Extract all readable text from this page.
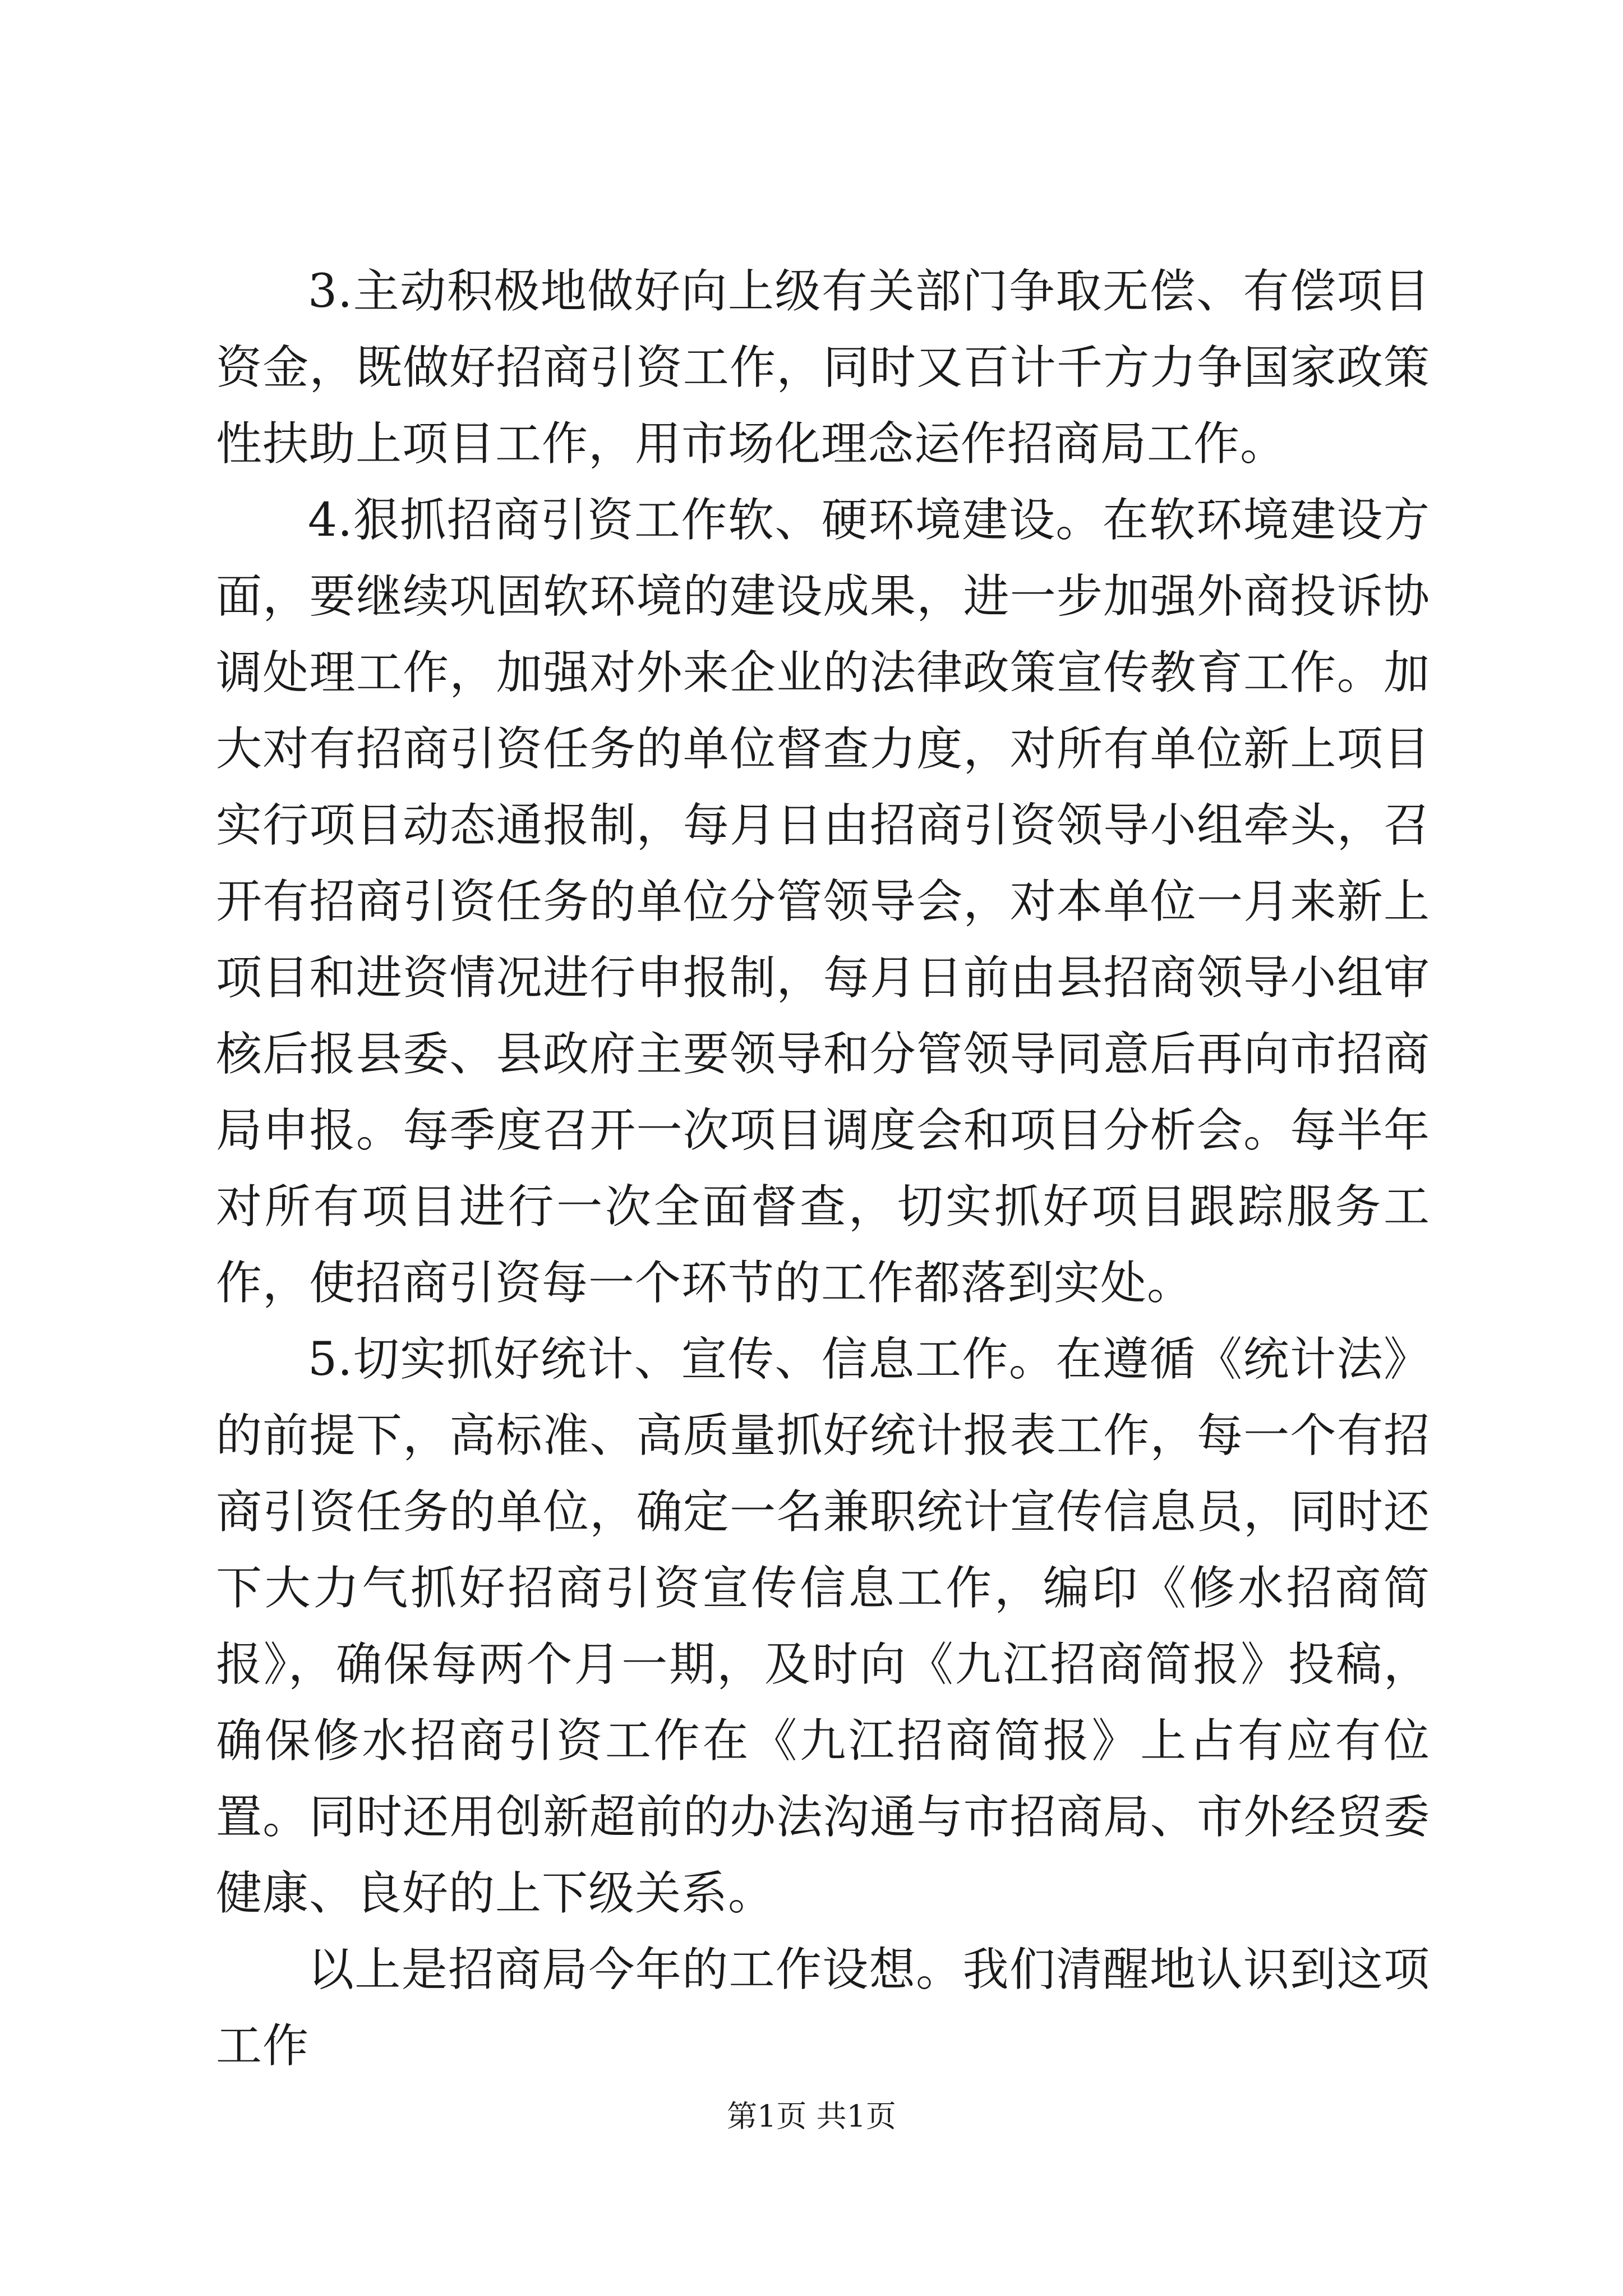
3.主动积极地做好向上级有关部门争取无偿、有偿项目资金，既做好招商引资工作，同时又百计千方力争国家政策性扶助上项目工作，用市场化理念运作招商局工作。

4.狠抓招商引资工作软、硬环境建设。在软环境建设方面，要继续巩固软环境的建设成果，进一步加强外商投诉协调处理工作，加强对外来企业的法律政策宣传教育工作。加大对有招商引资任务的单位督查力度，对所有单位新上项目实行项目动态通报制，每月日由招商引资领导小组牵头，召开有招商引资任务的单位分管领导会，对本单位一月来新上项目和进资情况进行申报制，每月日前由县招商领导小组审核后报县委、县政府主要领导和分管领导同意后再向市招商局申报。每季度召开一次项目调度会和项目分析会。每半年对所有项目进行一次全面督查，切实抓好项目跟踪服务工作，使招商引资每一个环节的工作都落到实处。

5.切实抓好统计、宣传、信息工作。在遵循《统计法》的前提下，高标准、高质量抓好统计报表工作，每一个有招商引资任务的单位，确定一名兼职统计宣传信息员，同时还下大力气抓好招商引资宣传信息工作，编印《修水招商简报》，确保每两个月一期，及时向《九江招商简报》投稿，确保修水招商引资工作在《九江招商简报》上占有应有位置。同时还用创新超前的办法沟通与市招商局、市外经贸委健康、良好的上下级关系。

以上是招商局今年的工作设想。我们清醒地认识到这项工作

第1页 共1页
